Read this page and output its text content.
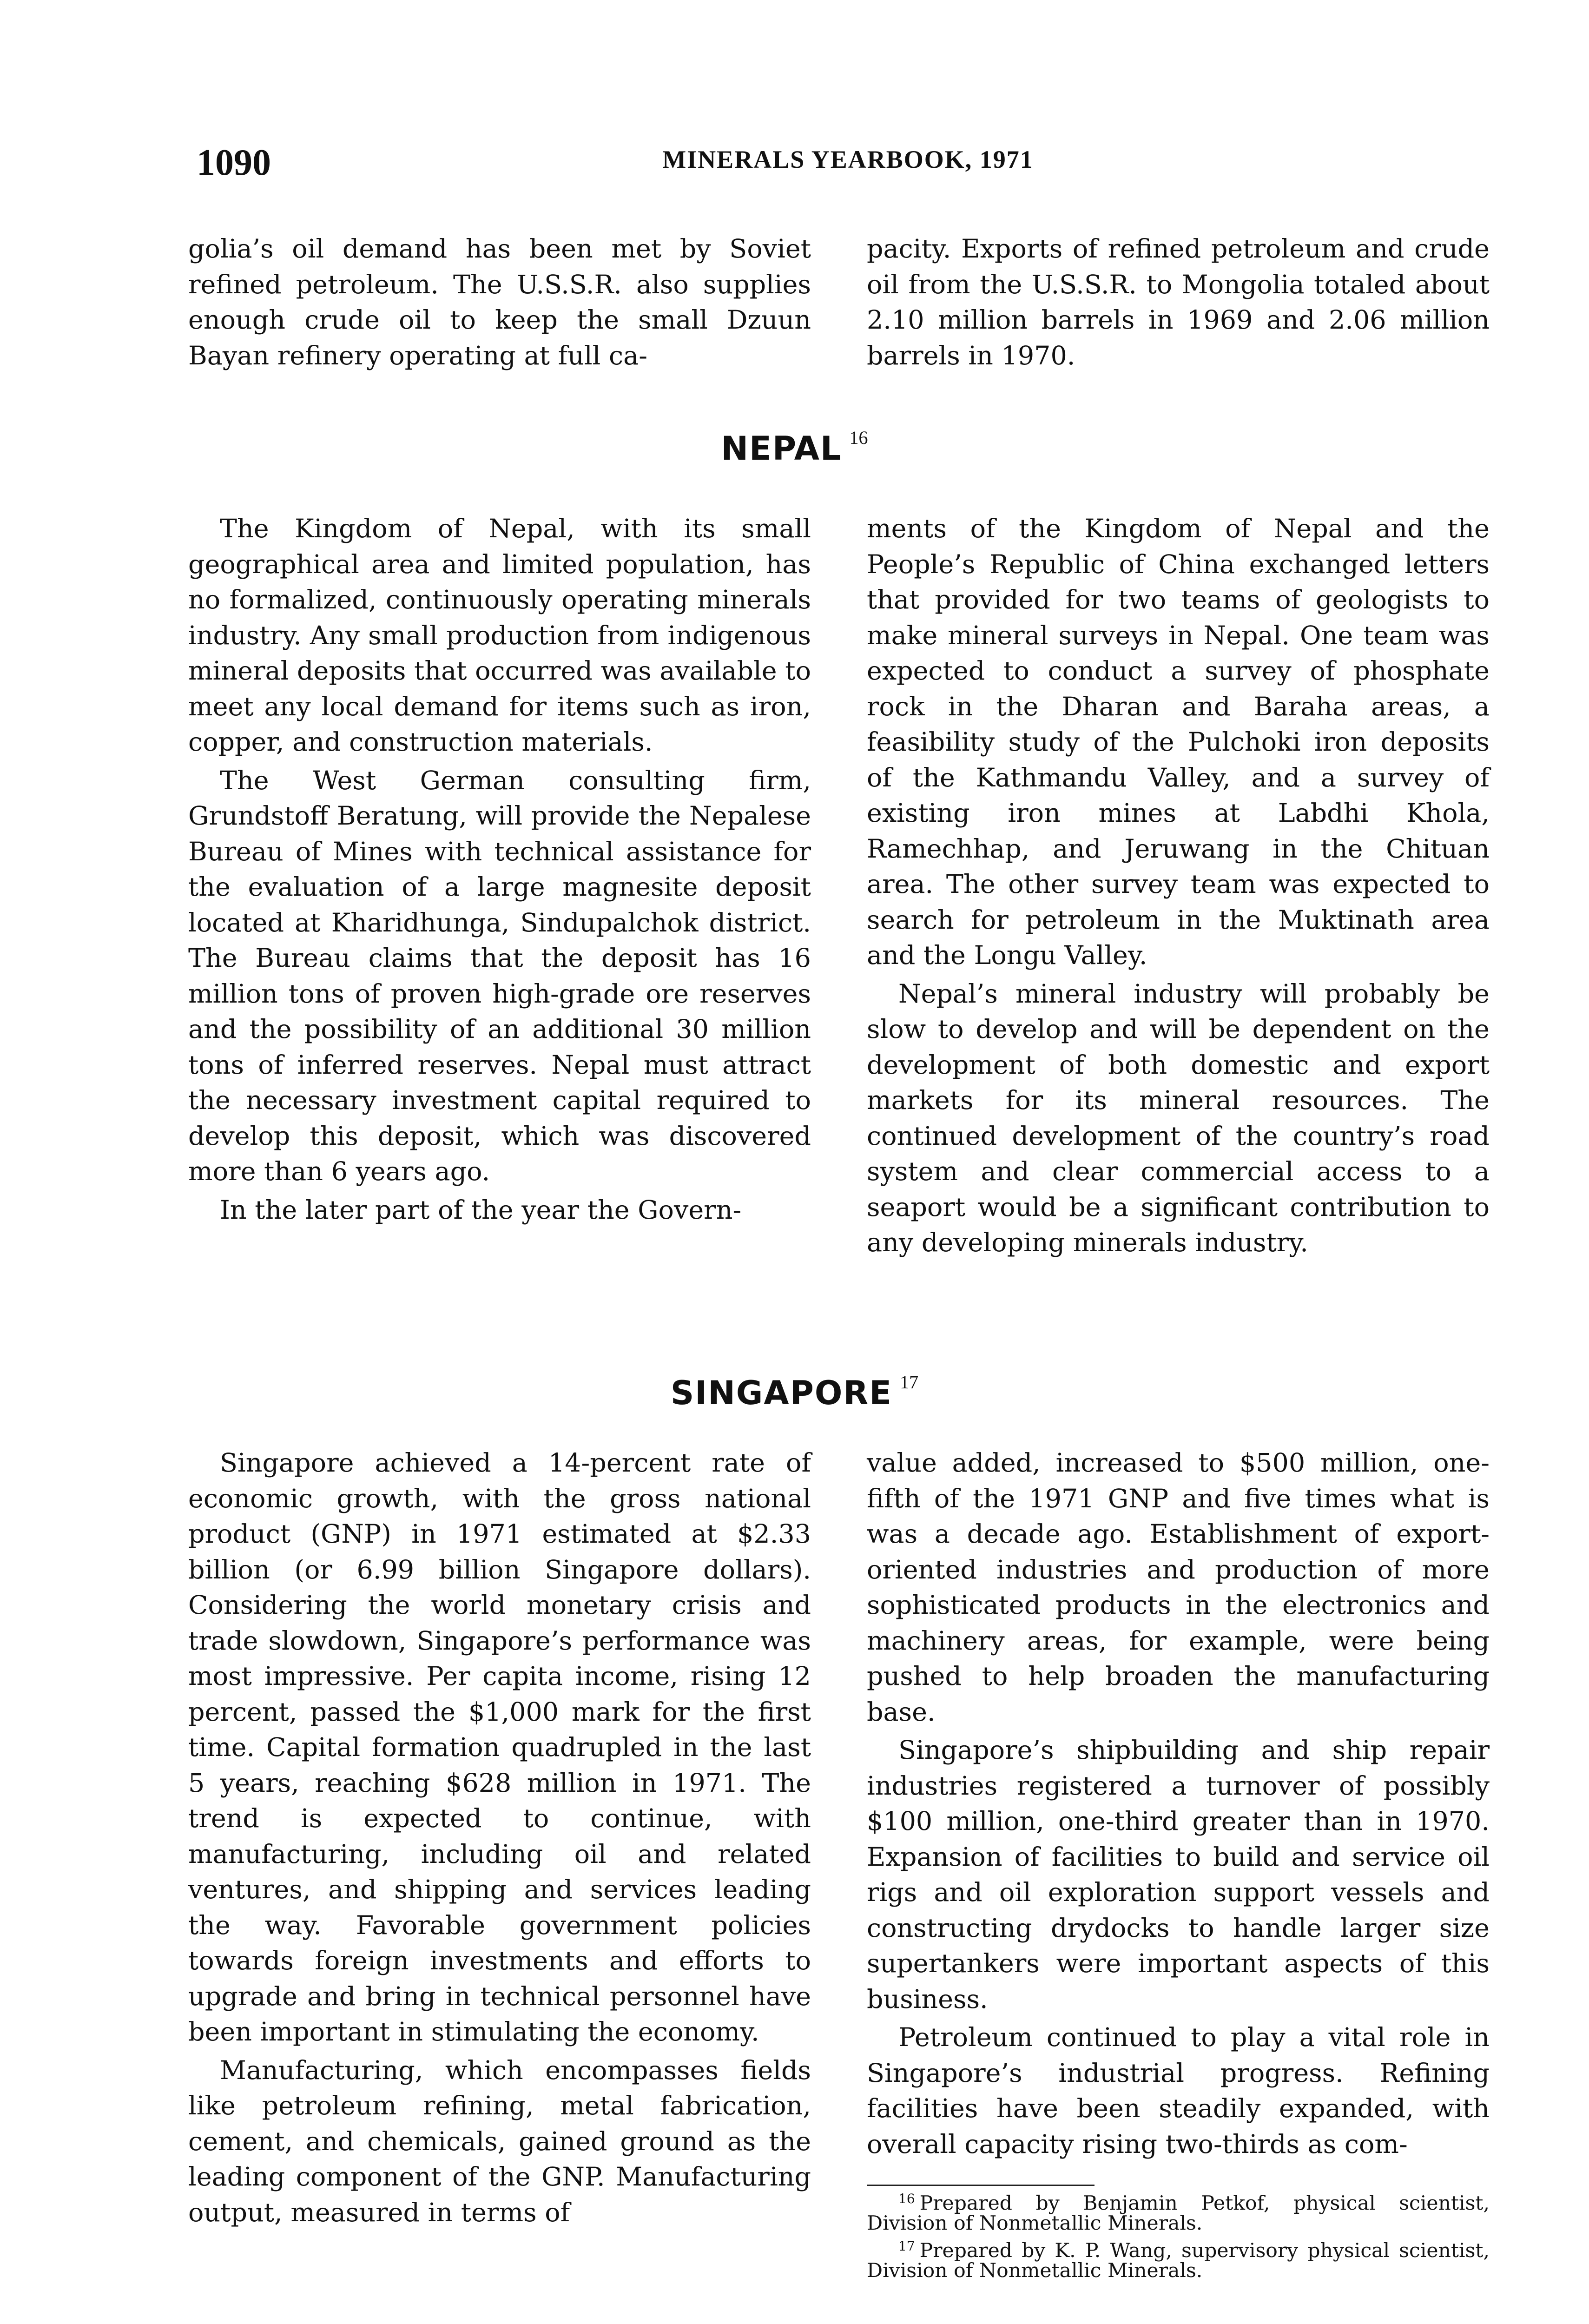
1090	MINERALS YEARBOOK, 1971

golia’s oil demand has been met by Soviet refined petroleum. The U.S.S.R. also supplies enough crude oil to keep the small Dzuun Bayan refinery operating at full ca-

pacity. Exports of refined petroleum and crude oil from the U.S.S.R. to Mongolia totaled about 2.10 million barrels in 1969 and 2.06 million barrels in 1970.

NEPAL $^{16}$

The Kingdom of Nepal, with its small geographical area and limited population, has no formalized, continuously operating minerals industry. Any small production from indigenous mineral deposits that occurred was available to meet any local demand for items such as iron, copper, and construction materials.

The West German consulting firm, Grundstoff Beratung, will provide the Nepalese Bureau of Mines with technical assistance for the evaluation of a large magnesite deposit located at Kharidhunga, Sindupalchok district. The Bureau claims that the deposit has 16 million tons of proven high-grade ore reserves and the possibility of an additional 30 million tons of inferred reserves. Nepal must attract the necessary investment capital required to develop this deposit, which was discovered more than 6 years ago.

In the later part of the year the Govern-

ments of the Kingdom of Nepal and the People’s Republic of China exchanged letters that provided for two teams of geologists to make mineral surveys in Nepal. One team was expected to conduct a survey of phosphate rock in the Dharan and Baraha areas, a feasibility study of the Pulchoki iron deposits of the Kathmandu Valley, and a survey of existing iron mines at Labdhi Khola, Ramechhap, and Jeruwang in the Chituan area. The other survey team was expected to search for petroleum in the Muktinath area and the Longu Valley.

Nepal’s mineral industry will probably be slow to develop and will be dependent on the development of both domestic and export markets for its mineral resources. The continued development of the country’s road system and clear commercial access to a seaport would be a significant contribution to any developing minerals industry.

SINGAPORE $^{17}$

Singapore achieved a 14-percent rate of economic growth, with the gross national product (GNP) in 1971 estimated at $2.33 billion (or 6.99 billion Singapore dollars). Considering the world monetary crisis and trade slowdown, Singapore’s performance was most impressive. Per capita income, rising 12 percent, passed the $1,000 mark for the first time. Capital formation quadrupled in the last 5 years, reaching $628 million in 1971. The trend is expected to continue, with manufacturing, including oil and related ventures, and shipping and services leading the way. Favorable government policies towards foreign investments and efforts to upgrade and bring in technical personnel have been important in stimulating the economy.

Manufacturing, which encompasses fields like petroleum refining, metal fabrication, cement, and chemicals, gained ground as the leading component of the GNP. Manufacturing output, measured in terms of

value added, increased to $500 million, one-fifth of the 1971 GNP and five times what is was a decade ago. Establishment of export-oriented industries and production of more sophisticated products in the electronics and machinery areas, for example, were being pushed to help broaden the manufacturing base.

Singapore’s shipbuilding and ship repair industries registered a turnover of possibly $100 million, one-third greater than in 1970. Expansion of facilities to build and service oil rigs and oil exploration support vessels and constructing drydocks to handle larger size supertankers were important aspects of this business.

Petroleum continued to play a vital role in Singapore’s industrial progress. Refining facilities have been steadily expanded, with overall capacity rising two-thirds as com-

$^{16}$ Prepared by Benjamin Petkof, physical scientist, Division of Nonmetallic Minerals.

$^{17}$ Prepared by K. P. Wang, supervisory physical scientist, Division of Nonmetallic Minerals.
